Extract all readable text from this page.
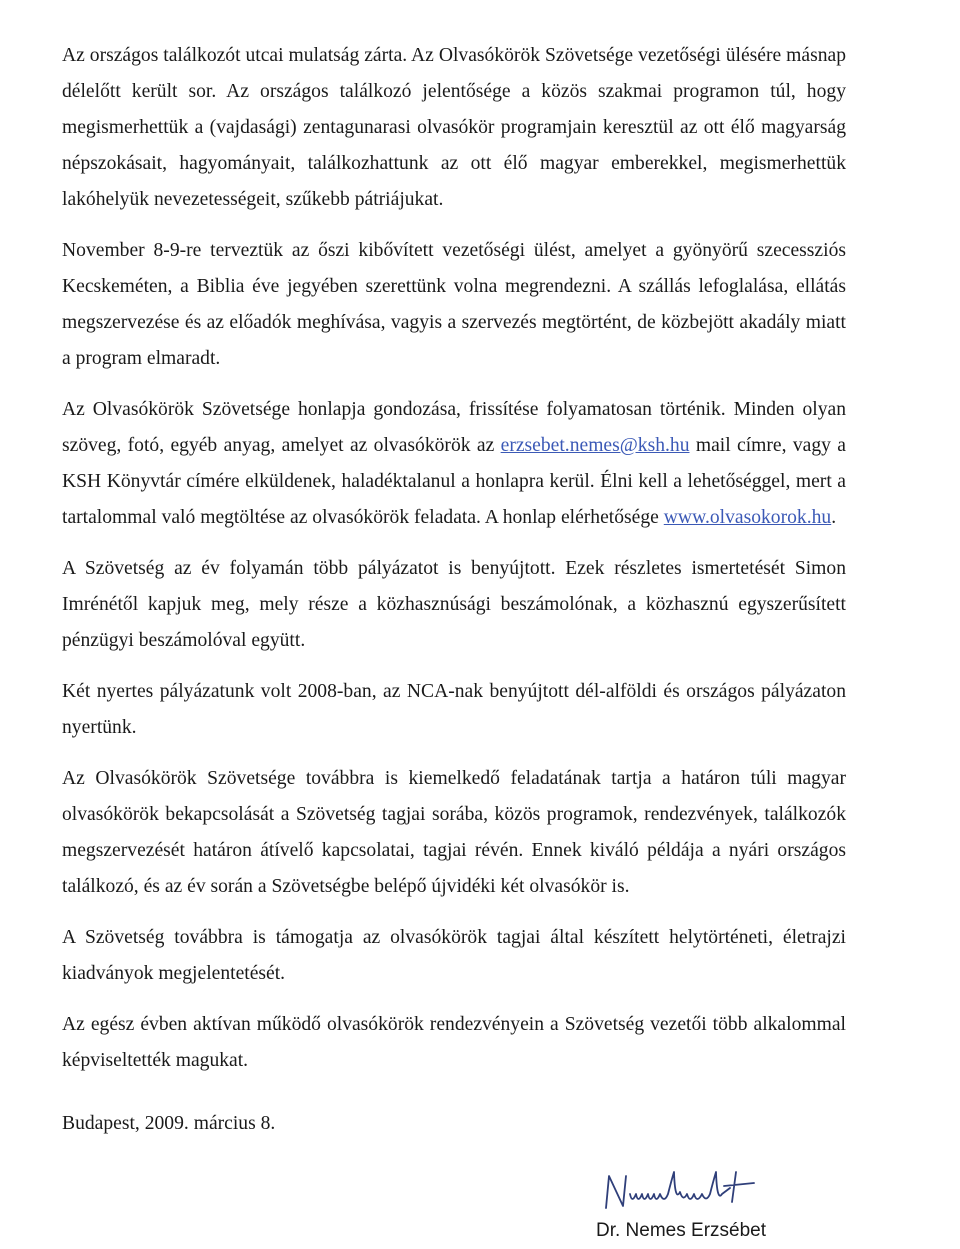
Az országos találkozót utcai mulatság zárta. Az Olvasókörök Szövetsége vezetőségi ülésére másnap délelőtt került sor. Az országos találkozó jelentősége a közös szakmai programon túl, hogy megismerhettük a (vajdasági) zentagunarasi olvasókör programjain keresztül az ott élő magyarság népszokásait, hagyományait, találkozhattunk az ott élő magyar emberekkel, megismerhettük lakóhelyük nevezetességeit, szűkebb pátriájukat.

November 8-9-re terveztük az őszi kibővített vezetőségi ülést, amelyet a gyönyörű szecessziós Kecskeméten, a Biblia éve jegyében szerettünk volna megrendezni. A szállás lefoglalása, ellátás megszervezése és az előadók meghívása, vagyis a szervezés megtörtént, de közbejött akadály miatt a program elmaradt.

Az Olvasókörök Szövetsége honlapja gondozása, frissítése folyamatosan történik. Minden olyan szöveg, fotó, egyéb anyag, amelyet az olvasókörök az erzsebet.nemes@ksh.hu mail címre, vagy a KSH Könyvtár címére elküldenek, haladéktalanul a honlapra kerül. Élni kell a lehetőséggel, mert a tartalommal való megtöltése az olvasókörök feladata. A honlap elérhetősége www.olvasokorok.hu.

A Szövetség az év folyamán több pályázatot is benyújtott. Ezek részletes ismertetését Simon Imrénétől kapjuk meg, mely része a közhasznúsági beszámolónak, a közhasznú egyszerűsített pénzügyi beszámolóval együtt.

Két nyertes pályázatunk volt 2008-ban, az NCA-nak benyújtott dél-alföldi és országos pályázaton nyertünk.

Az Olvasókörök Szövetsége továbbra is kiemelkedő feladatának tartja a határon túli magyar olvasókörök bekapcsolását a Szövetség tagjai sorába, közös programok, rendezvények, találkozók megszervezését határon átívelő kapcsolatai, tagjai révén. Ennek kiváló példája a nyári országos találkozó, és az év során a Szövetségbe belépő újvidéki két olvasókör is.

A Szövetség továbbra is támogatja az olvasókörök tagjai által készített helytörténeti, életrajzi kiadványok megjelentetését.

Az egész évben aktívan működő olvasókörök rendezvényein a Szövetség vezetői több alkalommal képviseltették magukat.

Budapest, 2009. március 8.

Dr. Nemes Erzsébet
